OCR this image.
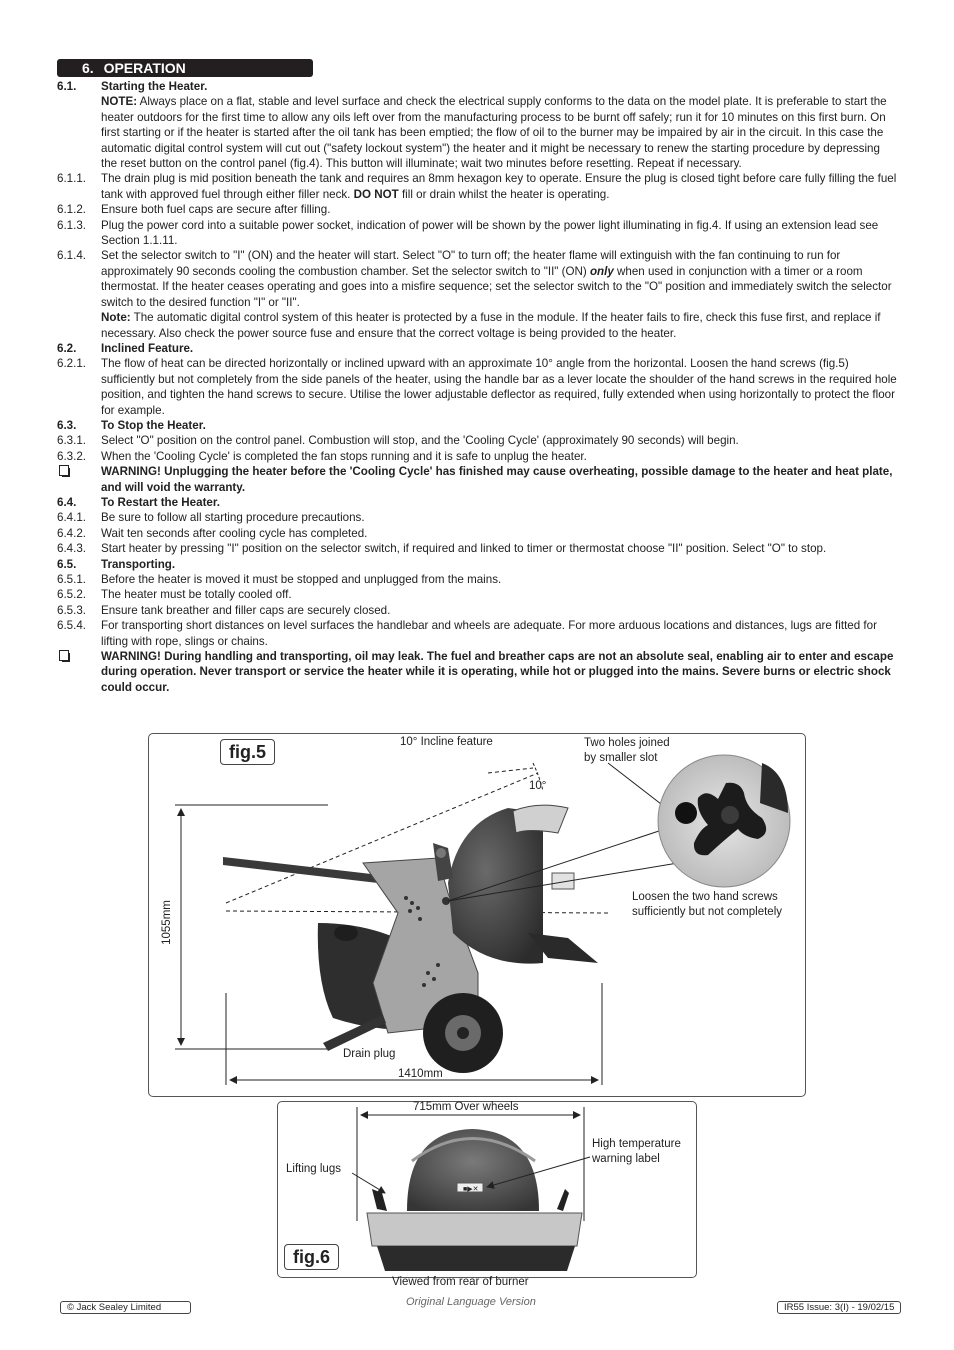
6. OPERATION
6.1.	Starting the Heater.
NOTE: Always place on a flat, stable and level surface and check the electrical supply conforms to the data on the model plate. It is preferable to start the heater outdoors for the first time to allow any oils left over from the manufacturing process to be burnt off safely; run it for 10 minutes on this first burn. On first starting or if the heater is started after the oil tank has been emptied; the flow of oil to the burner may be impaired by air in the circuit. In this case the automatic digital control system will cut out ("safety lockout system") the heater and it might be necessary to renew the starting procedure by depressing the reset button on the control panel (fig.4). This button will illuminate; wait two minutes before resetting. Repeat if necessary.
6.1.1.	The drain plug is mid position beneath the tank and requires an 8mm hexagon key to operate. Ensure the plug is closed tight before care fully filling the fuel tank with approved fuel through either filler neck. DO NOT fill or drain whilst the heater is operating.
6.1.2.	Ensure both fuel caps are secure after filling.
6.1.3.	Plug the power cord into a suitable power socket, indication of power will be shown by the power light illuminating in fig.4. If using an extension lead see Section 1.1.11.
6.1.4.	Set the selector switch to "I" (ON) and the heater will start. Select "O" to turn off; the heater flame will extinguish with the fan continuing to run for approximately 90 seconds cooling the combustion chamber. Set the selector switch to "II" (ON) only when used in conjunction with a timer or a room thermostat. If the heater ceases operating and goes into a misfire sequence; set the selector switch to the "O" position and immediately switch the selector switch to the desired function "I" or "II".
Note: The automatic digital control system of this heater is protected by a fuse in the module. If the heater fails to fire, check this fuse first, and replace if necessary. Also check the power source fuse and ensure that the correct voltage is being provided to the heater.
6.2.	Inclined Feature.
6.2.1.	The flow of heat can be directed horizontally or inclined upward with an approximate 10° angle from the horizontal. Loosen the hand screws (fig.5) sufficiently but not completely from the side panels of the heater, using the handle bar as a lever locate the shoulder of the hand screws in the required hole position, and tighten the hand screws to secure. Utilise the lower adjustable deflector as required, fully extended when using horizontally to protect the floor for example.
6.3.	To Stop the Heater.
6.3.1.	Select "O" position on the control panel. Combustion will stop, and the 'Cooling Cycle' (approximately 90 seconds) will begin.
6.3.2.	When the 'Cooling Cycle' is completed the fan stops running and it is safe to unplug the heater.
WARNING! Unplugging the heater before the 'Cooling Cycle' has finished may cause overheating, possible damage to the heater and heat plate, and will void the warranty.
6.4.	To Restart the Heater.
6.4.1.	Be sure to follow all starting procedure precautions.
6.4.2.	Wait ten seconds after cooling cycle has completed.
6.4.3.	Start heater by pressing "I" position on the selector switch, if required and linked to timer or thermostat choose "II" position. Select "O" to stop.
6.5.	Transporting.
6.5.1.	Before the heater is moved it must be stopped and unplugged from the mains.
6.5.2.	The heater must be totally cooled off.
6.5.3.	Ensure tank breather and filler caps are securely closed.
6.5.4.	For transporting short distances on level surfaces the handlebar and wheels are adequate. For more arduous locations and distances, lugs are fitted for lifting with rope, slings or chains.
WARNING! During handling and transporting, oil may leak. The fuel and breather caps are not an absolute seal, enabling air to enter and escape during operation. Never transport or service the heater while it is operating, while hot or plugged into the mains. Severe burns or electric shock could occur.
fig.5	10° Incline feature
10°
Two holes joined
by smaller slot
Loosen the two hand screws
sufficiently but not completely
Drain plug
1410mm
1055mm
fig.6
715mm Over wheels
Lifting lugs
High temperature
warning label
Viewed from rear of burner
■▶✕
© Jack Sealey Limited	Original Language Version	IR55 Issue: 3(I) - 19/02/15
